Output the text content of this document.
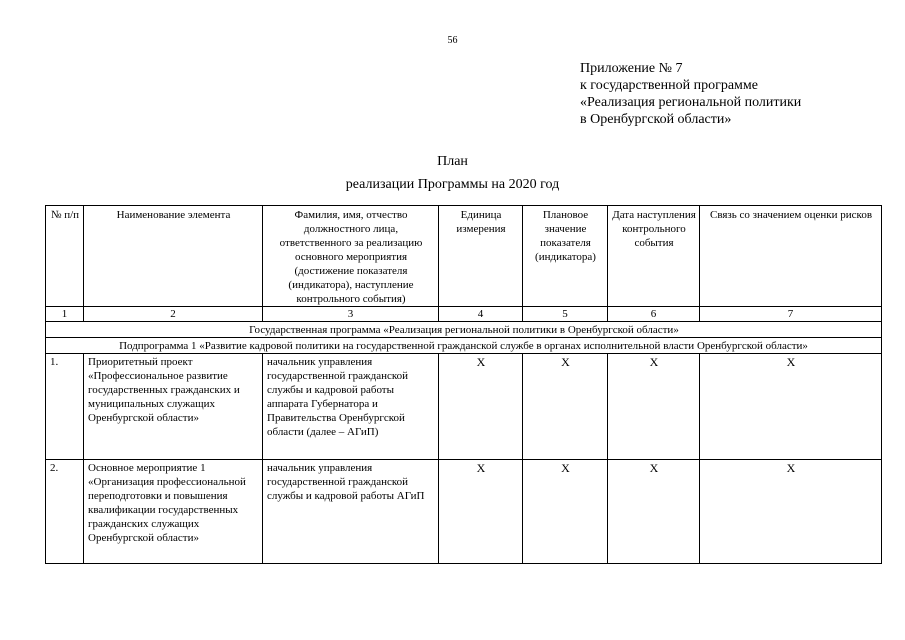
56
Приложение № 7
к государственной программе
«Реализация региональной политики
в Оренбургской области»
План
реализации Программы на 2020 год
№ п/п	Наименование элемента	Фамилия, имя, отчество должностного лица, ответственного за реализацию основного мероприятия (достижение показателя (индикатора), наступление контрольного события)	Единица измерения	Плановое значение показателя (индикатора)	Дата наступления контрольного события	Связь со значением оценки рисков
1	2	3	4	5	6	7
Государственная программа «Реализация региональной политики в Оренбургской области»						
Подпрограмма 1 «Развитие кадровой политики на государственной гражданской службе в органах исполнительной власти Оренбургской области»						
1.	Приоритетный проект «Профессиональное развитие государственных гражданских и муниципальных служащих Оренбургской области»	начальник управления государственной гражданской службы и кадровой работы аппарата Губернатора и Правительства Оренбургской области (далее – АГиП)	X	X	X	X
2.	Основное мероприятие 1 «Организация профессиональной переподготовки и повышения квалификации государственных гражданских служащих Оренбургской области»	начальник управления государственной гражданской службы и кадровой работы АГиП	X	X	X	X
